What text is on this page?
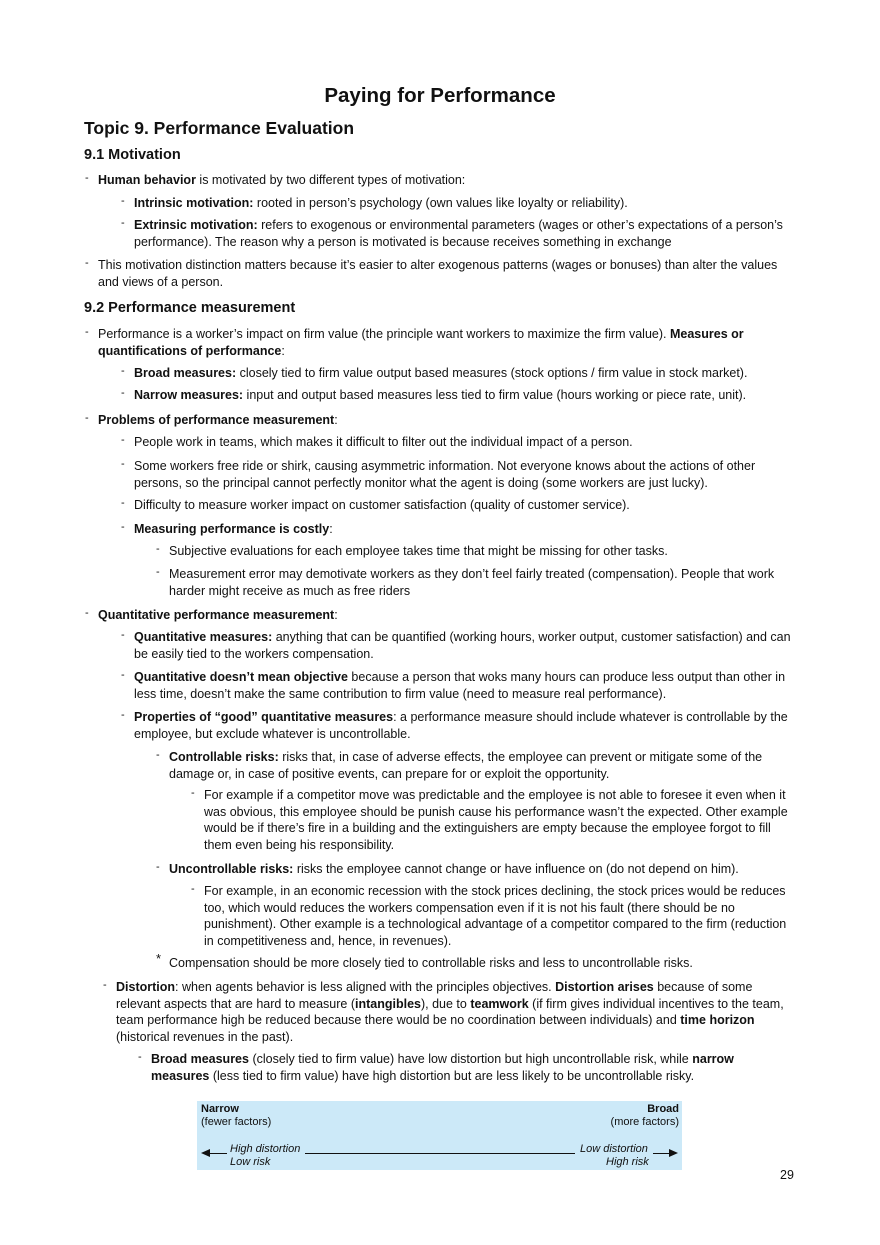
Paying for Performance
Topic 9. Performance Evaluation
9.1 Motivation
- Human behavior is motivated by two different types of motivation:
- Intrinsic motivation: rooted in person’s psychology (own values like loyalty or reliability).
- Extrinsic motivation: refers to exogenous or environmental parameters (wages or other’s expectations of a person’s performance). The reason why a person is motivated is because receives something in exchange
- This motivation distinction matters because it’s easier to alter exogenous patterns (wages or bonuses) than alter the values and views of a person.
9.2 Performance measurement
- Performance is a worker’s impact on firm value (the principle want workers to maximize the firm value). Measures or quantifications of performance:
- Broad measures: closely tied to firm value output based measures (stock options / firm value in stock market).
- Narrow measures: input and output based measures less tied to firm value (hours working or piece rate, unit).
- Problems of performance measurement:
- People work in teams, which makes it difficult to filter out the individual impact of a person.
- Some workers free ride or shirk, causing asymmetric information. Not everyone knows about the actions of other persons, so the principal cannot perfectly monitor what the agent is doing (some workers are just lucky).
- Difficulty to measure worker impact on customer satisfaction (quality of customer service).
- Measuring performance is costly:
- Subjective evaluations for each employee takes time that might be missing for other tasks.
- Measurement error may demotivate workers as they don’t feel fairly treated (compensation). People that work harder might receive as much as free riders
- Quantitative performance measurement:
- Quantitative measures: anything that can be quantified (working hours, worker output, customer satisfaction) and can be easily tied to the workers compensation.
- Quantitative doesn’t mean objective because a person that woks many hours can produce less output than other in less time, doesn’t make the same contribution to firm value (need to measure real performance).
- Properties of “good” quantitative measures: a performance measure should include whatever is controllable by the employee, but exclude whatever is uncontrollable.
- Controllable risks: risks that, in case of adverse effects, the employee can prevent or mitigate some of the damage or, in case of positive events, can prepare for or exploit the opportunity.
- For example if a competitor move was predictable and the employee is not able to foresee it even when it was obvious, this employee should be punish cause his performance wasn’t the expected. Other example would be if there’s fire in a building and the extinguishers are empty because the employee forgot to fill them even being his responsibility.
- Uncontrollable risks: risks the employee cannot change or have influence on (do not depend on him).
- For example, in an economic recession with the stock prices declining, the stock prices would be reduces too, which would reduces the workers compensation even if it is not his fault (there should be no punishment). Other example is a technological advantage of a competitor compared to the firm (reduction in competitiveness and, hence, in revenues).
* Compensation should be more closely tied to controllable risks and less to uncontrollable risks.
- Distortion: when agents behavior is less aligned with the principles objectives. Distortion arises because of some relevant aspects that are hard to measure (intangibles), due to teamwork (if firm gives individual incentives to the team, team performance high be reduced because there would be no coordination between individuals) and time horizon (historical revenues in the past).
- Broad measures (closely tied to firm value) have low distortion but high uncontrollable risk, while narrow measures (less tied to firm value) have high distortion but are less likely to be uncontrollable risky.
Narrow
(fewer factors)
Broad
(more factors)
High distortion
Low risk
Low distortion
High risk
29
